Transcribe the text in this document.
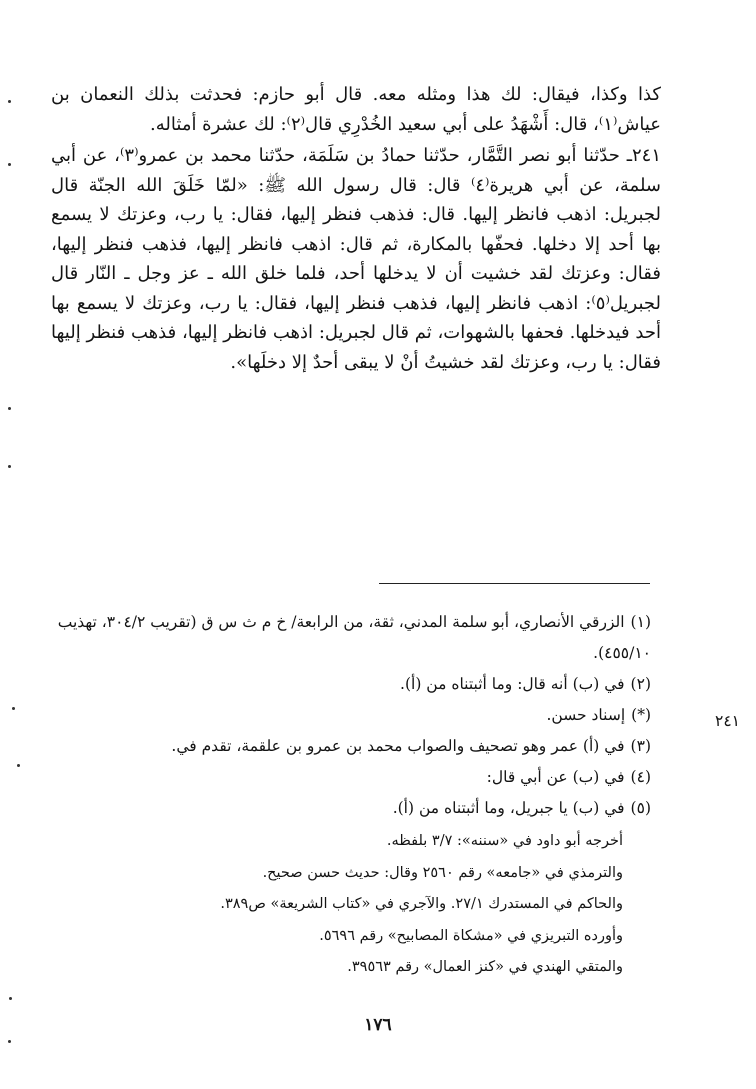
كذا وكذا، فيقال: لك هذا ومثله معه. قال أبو حازم: فحدثت بذلك النعمان بن عياش⁽١⁾، قال: أَشْهَدُ على أبي سعيد الخُدْرِي قال⁽٢⁾: لك عشرة أمثاله.

٢٤١ـ حدّثنا أبو نصر التَّمَّار، حدّثنا حمادُ بن سَلَمَة، حدّثنا محمد بن عمرو⁽٣⁾، عن أبي سلمة، عن أبي هريرة⁽٤⁾ قال: قال رسول الله ﷺ: «لمّا خَلَقَ الله الجنّة قال لجبريل: اذهب فانظر إليها. قال: فذهب فنظر إليها، فقال: يا رب، وعزتك لا يسمع بها أحد إلا دخلها. فحفّها بالمكارة، ثم قال: اذهب فانظر إليها، فذهب فنظر إليها، فقال: وعزتك لقد خشيت أن لا يدخلها أحد، فلما خلق الله ـ عز وجل ـ النّار قال لجبريل⁽٥⁾: اذهب فانظر إليها، فذهب فنظر إليها، فقال: يا رب، وعزتك لا يسمع بها أحد فيدخلها. فحفها بالشهوات، ثم قال لجبريل: اذهب فانظر إليها، فذهب فنظر إليها فقال: يا رب، وعزتك لقد خشيتُ أنْ لا يبقى أحدٌ إلا دخلَها».

(١)الزرقي الأنصاري، أبو سلمة المدني، ثقة، من الرابعة/ خ م ث س ق (تقريب ٣٠٤/٢، تهذيب ٤٥٥/١٠).

(٢)في (ب) أنه قال: وما أثبتناه من (أ).

(*)إسناد حسن.

(٣)في (أ) عمر وهو تصحيف والصواب محمد بن عمرو بن علقمة، تقدم في.

(٤)في (ب) عن أبي قال:

(٥)في (ب) يا جبريل، وما أثبتناه من (أ).

أخرجه أبو داود في «سننه»: ٣/٧ بلفظه.

والترمذي في «جامعه» رقم ٢٥٦٠ وقال: حديث حسن صحيح.

والحاكم في المستدرك ٢٧/١. والآجري في «كتاب الشريعة» ص٣٨٩.

وأورده التبريزي في «مشكاة المصابيح» رقم ٥٦٩٦.

والمتقي الهندي في «كنز العمال» رقم ٣٩٥٦٣.

٢٤١
١٧٦
